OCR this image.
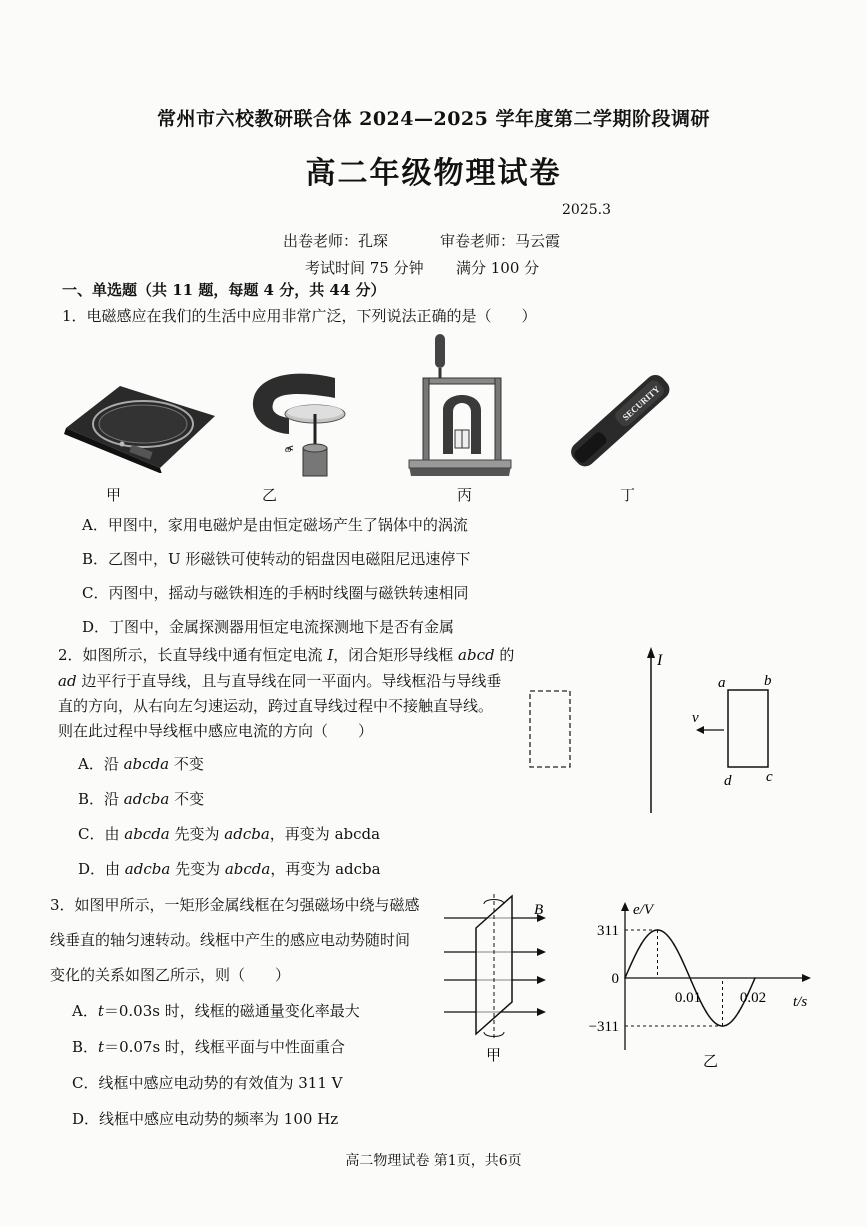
常州市六校教研联合体 2024—2025 学年度第二学期阶段调研
高二年级物理试卷
2025.3
出卷老师：孔琛	审卷老师：马云霞
考试时间 75 分钟 满分 100 分
一、单选题（共 11 题，每题 4 分，共 44 分）
1．电磁感应在我们的生活中应用非常广泛，下列说法正确的是（　　）
甲
ω
乙	丙
SECURITY
丁
A．甲图中，家用电磁炉是由恒定磁场产生了锅体中的涡流
B．乙图中，U 形磁铁可使转动的铝盘因电磁阻尼迅速停下
C．丙图中，摇动与磁铁相连的手柄时线圈与磁铁转速相同
D．丁图中，金属探测器用恒定电流探测地下是否有金属
2．如图所示，长直导线中通有恒定电流 I，闭合矩形导线框 abcd 的
ad 边平行于直导线，且与直导线在同一平面内。导线框沿与导线垂
直的方向，从右向左匀速运动，跨过直导线过程中不接触直导线。
则在此过程中导线框中感应电流的方向（　　）
A．沿 abcda 不变
B．沿 adcba 不变
C．由 abcda 先变为 adcba，再变为 abcda
D．由 adcba 先变为 abcda，再变为 adcba
I
a	b
d c
v
3．如图甲所示，一矩形金属线框在匀强磁场中绕与磁感
线垂直的轴匀速转动。线框中产生的感应电动势随时间
变化的关系如图乙所示，则（　　）
A．t＝0.03s 时，线框的磁通量变化率最大
B．t＝0.07s 时，线框平面与中性面重合
C．线框中感应电动势的有效值为 311 V
D．线框中感应电动势的频率为 100 Hz
B
甲
e/V
t/s
311
0
−311
0.01	0.02
乙
高二物理试卷 第1页，共6页
